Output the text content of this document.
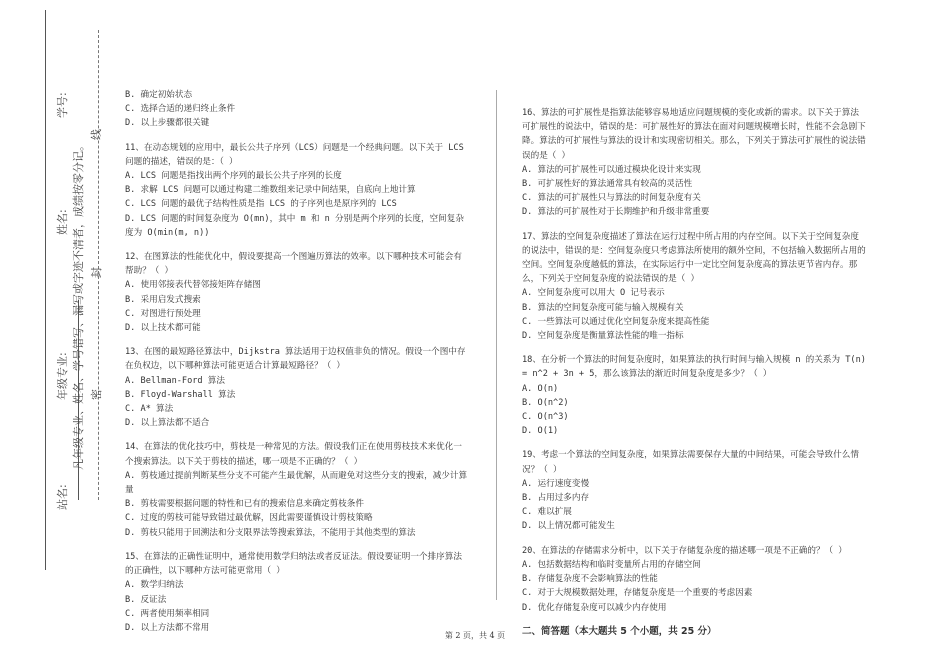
学号:
姓名:
年级专业:
站名:
凡年级专业、姓名、学号错写、漏写或字迹不清者，成绩按零分记。 密
封
线
B. 确定初始状态
C. 选择合适的递归终止条件
D. 以上步骤都很关键
11、在动态规划的应用中，最长公共子序列（LCS）问题是一个经典问题。以下关于 LCS 问题的描述，错误的是：（ ）
A. LCS 问题是指找出两个序列的最长公共子序列的长度
B. 求解 LCS 问题可以通过构建二维数组来记录中间结果，自底向上地计算
C. LCS 问题的最优子结构性质是指 LCS 的子序列也是原序列的 LCS
D. LCS 问题的时间复杂度为 O(mn)，其中 m 和 n 分别是两个序列的长度，空间复杂度为 O(min(m, n))
12、在图算法的性能优化中，假设要提高一个图遍历算法的效率。以下哪种技术可能会有帮助？（ ）
A. 使用邻接表代替邻接矩阵存储图
B. 采用启发式搜索
C. 对图进行预处理
D. 以上技术都可能
13、在图的最短路径算法中，Dijkstra 算法适用于边权值非负的情况。假设一个图中存在负权边，以下哪种算法可能更适合计算最短路径？（ ）
A. Bellman-Ford 算法
B. Floyd-Warshall 算法
C. A* 算法
D. 以上算法都不适合
14、在算法的优化技巧中，剪枝是一种常见的方法。假设我们正在使用剪枝技术来优化一个搜索算法。以下关于剪枝的描述，哪一项是不正确的？（ ）
A. 剪枝通过提前判断某些分支不可能产生最优解，从而避免对这些分支的搜索，减少计算量
B. 剪枝需要根据问题的特性和已有的搜索信息来确定剪枝条件
C. 过度的剪枝可能导致错过最优解，因此需要谨慎设计剪枝策略
D. 剪枝只能用于回溯法和分支限界法等搜索算法，不能用于其他类型的算法
15、在算法的正确性证明中，通常使用数学归纳法或者反证法。假设要证明一个排序算法的正确性，以下哪种方法可能更常用（ ）
A. 数学归纳法
B. 反证法
C. 两者使用频率相同
D. 以上方法都不常用
16、算法的可扩展性是指算法能够容易地适应问题规模的变化或新的需求。以下关于算法可扩展性的说法中，错误的是：可扩展性好的算法在面对问题规模增长时，性能不会急剧下降。算法的可扩展性与算法的设计和实现密切相关。那么，下列关于算法可扩展性的说法错误的是（ ）
A. 算法的可扩展性可以通过模块化设计来实现
B. 可扩展性好的算法通常具有较高的灵活性
C. 算法的可扩展性只与算法的时间复杂度有关
D. 算法的可扩展性对于长期维护和升级非常重要
17、算法的空间复杂度描述了算法在运行过程中所占用的内存空间。以下关于空间复杂度的说法中，错误的是：空间复杂度只考虑算法所使用的额外空间，不包括输入数据所占用的空间。空间复杂度越低的算法，在实际运行中一定比空间复杂度高的算法更节省内存。那么，下列关于空间复杂度的说法错误的是（ ）
A. 空间复杂度可以用大 O 记号表示
B. 算法的空间复杂度可能与输入规模有关
C. 一些算法可以通过优化空间复杂度来提高性能
D. 空间复杂度是衡量算法性能的唯一指标
18、在分析一个算法的时间复杂度时，如果算法的执行时间与输入规模 n 的关系为 T(n) = n^2 + 3n + 5，那么该算法的渐近时间复杂度是多少？（ ）
A. O(n)
B. O(n^2)
C. O(n^3)
D. O(1)
19、考虑一个算法的空间复杂度，如果算法需要保存大量的中间结果，可能会导致什么情况？（ ）
A. 运行速度变慢
B. 占用过多内存
C. 难以扩展
D. 以上情况都可能发生
20、在算法的存储需求分析中，以下关于存储复杂度的描述哪一项是不正确的？（ ）
A. 包括数据结构和临时变量所占用的存储空间
B. 存储复杂度不会影响算法的性能
C. 对于大规模数据处理，存储复杂度是一个重要的考虑因素
D. 优化存储复杂度可以减少内存使用
二、简答题（本大题共 5 个小题，共 25 分）
第 2 页，共 4 页
